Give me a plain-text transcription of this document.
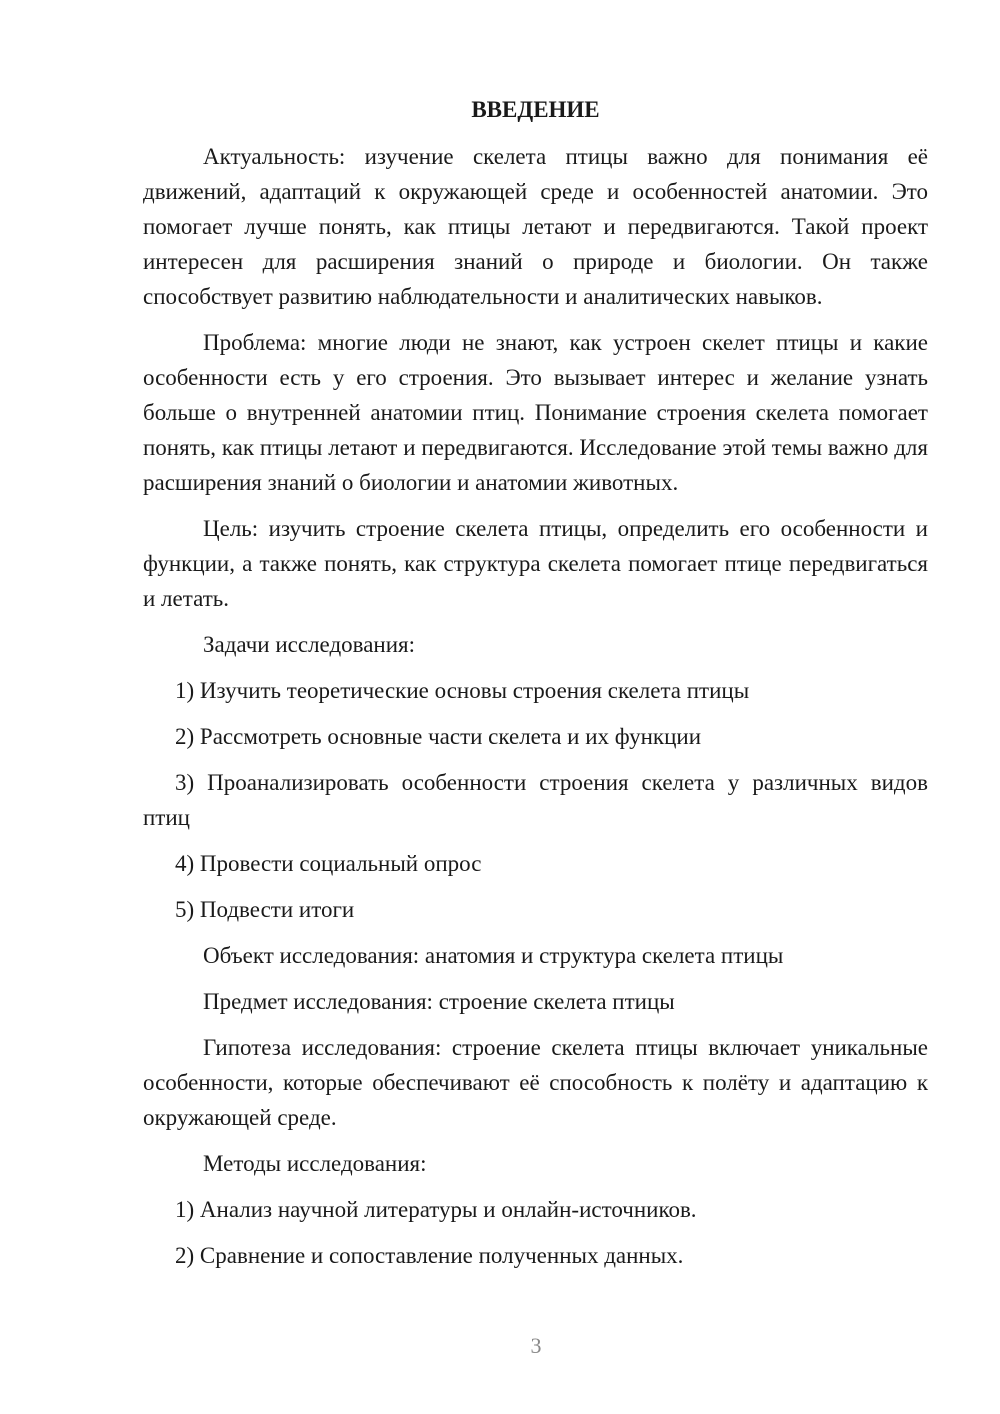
ВВЕДЕНИЕ

Актуальность: изучение скелета птицы важно для понимания её движений, адаптаций к окружающей среде и особенностей анатомии. Это помогает лучше понять, как птицы летают и передвигаются. Такой проект интересен для расширения знаний о природе и биологии. Он также способствует развитию наблюдательности и аналитических навыков.

Проблема: многие люди не знают, как устроен скелет птицы и какие особенности есть у его строения. Это вызывает интерес и желание узнать больше о внутренней анатомии птиц. Понимание строения скелета помогает понять, как птицы летают и передвигаются. Исследование этой темы важно для расширения знаний о биологии и анатомии животных.

Цель: изучить строение скелета птицы, определить его особенности и функции, а также понять, как структура скелета помогает птице передвигаться и летать.

Задачи исследования:

1) Изучить теоретические основы строения скелета птицы

2) Рассмотреть основные части скелета и их функции

3) Проанализировать особенности строения скелета у различных видов птиц

4) Провести социальный опрос

5) Подвести итоги

Объект исследования: анатомия и структура скелета птицы

Предмет исследования: строение скелета птицы

Гипотеза исследования: строение скелета птицы включает уникальные особенности, которые обеспечивают её способность к полёту и адаптацию к окружающей среде.

Методы исследования:

1) Анализ научной литературы и онлайн-источников.

2) Сравнение и сопоставление полученных данных.

3
